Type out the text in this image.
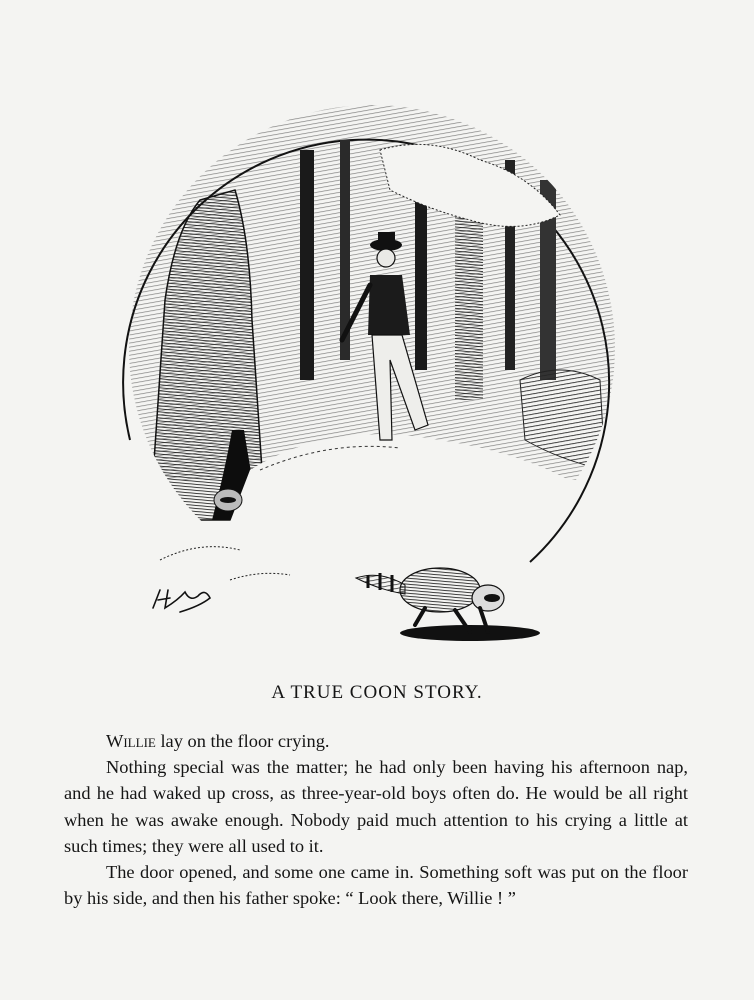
A TRUE COON STORY.

Willie lay on the floor crying.

Nothing special was the matter; he had only been having his afternoon nap, and he had waked up cross, as three-year-old boys often do. He would be all right when he was awake enough. Nobody paid much attention to his crying a little at such times; they were all used to it.

The door opened, and some one came in. Something soft was put on the floor by his side, and then his father spoke: “ Look there, Willie ! ”
